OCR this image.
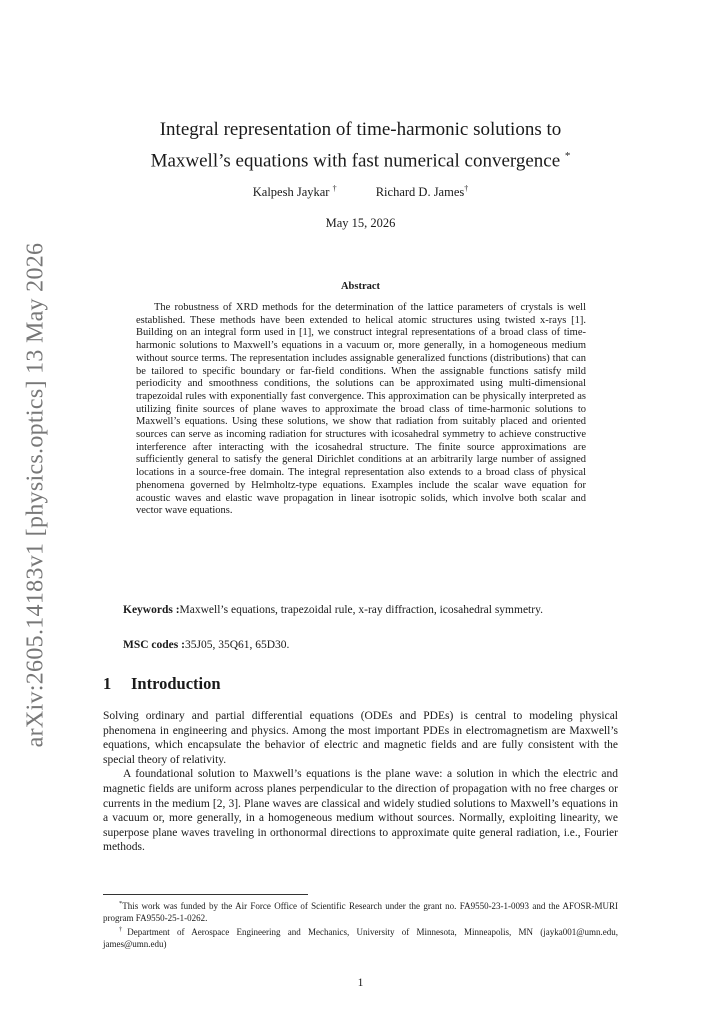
arXiv:2605.14183v1 [physics.optics] 13 May 2026
Integral representation of time-harmonic solutions to
Maxwell’s equations with fast numerical convergence *
Kalpesh Jaykar †	Richard D. James†
May 15, 2026
Abstract

The robustness of XRD methods for the determination of the lattice parameters of crystals is well established. These methods have been extended to helical atomic structures using twisted x-rays [1]. Building on an integral form used in [1], we construct integral representations of a broad class of time-harmonic solutions to Maxwell’s equations in a vacuum or, more generally, in a homogeneous medium without source terms. The representation includes assignable generalized functions (distributions) that can be tailored to specific boundary or far-field conditions. When the assignable functions satisfy mild periodicity and smoothness conditions, the solutions can be approximated using multi-dimensional trapezoidal rules with exponentially fast convergence. This approximation can be physically interpreted as utilizing finite sources of plane waves to approximate the broad class of time-harmonic solutions to Maxwell’s equations. Using these solutions, we show that radiation from suitably placed and oriented sources can serve as incoming radiation for structures with icosahedral symmetry to achieve constructive interference after interacting with the icosahedral structure. The finite source approximations are sufficiently general to satisfy the general Dirichlet conditions at an arbitrarily large number of assigned locations in a source-free domain. The integral representation also extends to a broad class of physical phenomena governed by Helmholtz-type equations. Examples include the scalar wave equation for acoustic waves and elastic wave propagation in linear isotropic solids, which involve both scalar and vector wave equations.

Keywords :Maxwell’s equations, trapezoidal rule, x-ray diffraction, icosahedral symmetry.

MSC codes :35J05, 35Q61, 65D30.

1 Introduction

Solving ordinary and partial differential equations (ODEs and PDEs) is central to modeling physical phenomena in engineering and physics. Among the most important PDEs in electromagnetism are Maxwell’s equations, which encapsulate the behavior of electric and magnetic fields and are fully consistent with the special theory of relativity.

A foundational solution to Maxwell’s equations is the plane wave: a solution in which the electric and magnetic fields are uniform across planes perpendicular to the direction of propagation with no free charges or currents in the medium [2, 3]. Plane waves are classical and widely studied solutions to Maxwell’s equations in a vacuum or, more generally, in a homogeneous medium without sources. Normally, exploiting linearity, we superpose plane waves traveling in orthonormal directions to approximate quite general radiation, i.e., Fourier methods.

*This work was funded by the Air Force Office of Scientific Research under the grant no. FA9550-23-1-0093 and the AFOSR-MURI program FA9550-25-1-0262.

†Department of Aerospace Engineering and Mechanics, University of Minnesota, Minneapolis, MN (jayka001@umn.edu, james@umn.edu)

1
